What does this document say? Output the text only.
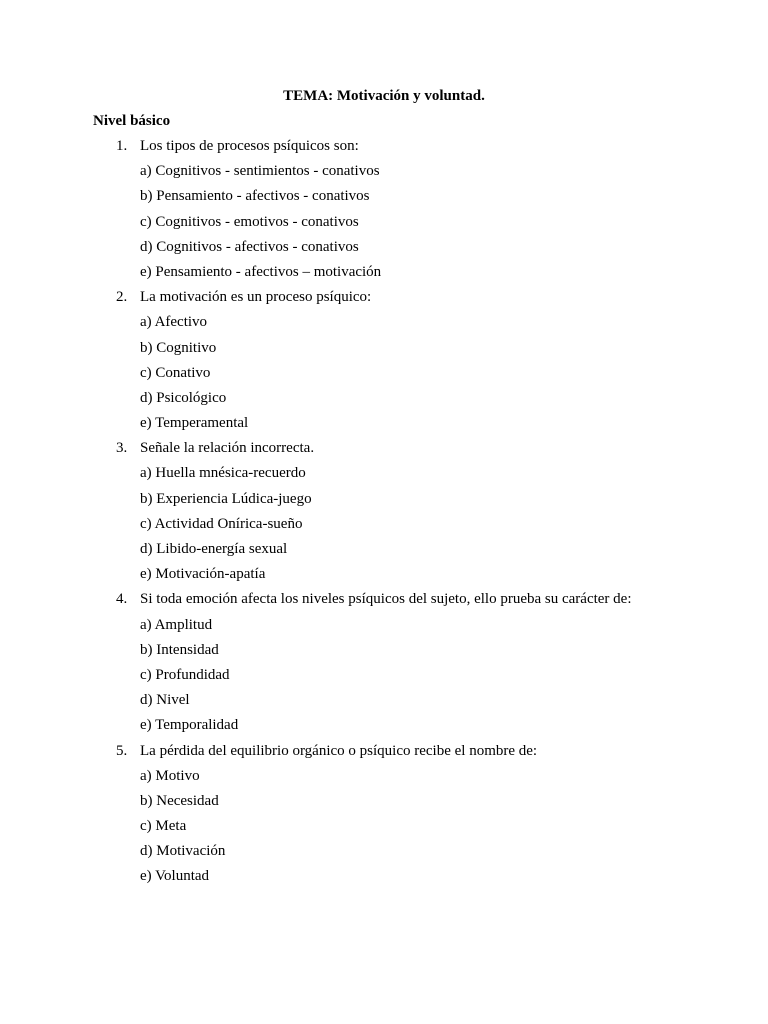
TEMA: Motivación y voluntad.
Nivel básico
1. Los tipos de procesos psíquicos son:
a) Cognitivos - sentimientos - conativos
b) Pensamiento - afectivos - conativos
c) Cognitivos - emotivos - conativos
d) Cognitivos - afectivos - conativos
e) Pensamiento - afectivos – motivación
2. La motivación es un proceso psíquico:
a) Afectivo
b) Cognitivo
c) Conativo
d) Psicológico
e) Temperamental
3. Señale la relación incorrecta.
a) Huella mnésica-recuerdo
b) Experiencia Lúdica-juego
c) Actividad Onírica-sueño
d) Libido-energía sexual
e) Motivación-apatía
4. Si toda emoción afecta los niveles psíquicos del sujeto, ello prueba su carácter de:
a) Amplitud
b) Intensidad
c) Profundidad
d) Nivel
e) Temporalidad
5. La pérdida del equilibrio orgánico o psíquico recibe el nombre de:
a) Motivo
b) Necesidad
c) Meta
d) Motivación
e) Voluntad
